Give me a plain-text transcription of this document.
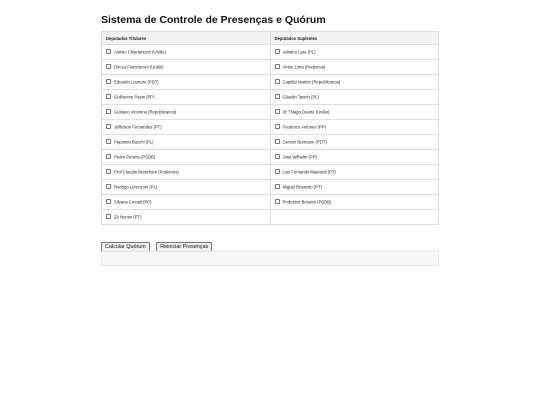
Sistema de Controle de Presenças e Quórum
Deputados Titulares	Deputados Suplentes
Aloísio Chiaramuzzi (União)	Adriano Lara (PL)
Dirceu Francisconi (União)	Airton Lima (Podemos)
Eduardo Loureiro (PDT)	Capitão Martim (Republicanos)
Guilherme Pasin (PP)	Cláudio Tatsch (PL)
Gustavo Victorino (Republicanos)	Dr Thiago Duarte (União)
Jefferson Fernandes (PT)	Frederico Antunes (PP)
Papaneo Bacchi (PL)	Gerson Burmann (PDT)
Pedro Pereira (PSDB)	José Wilhelm (PP)
Prof Claudio Branchieri (Podemos)	Luiz Fernando Mainardi (PT)
Rodrigo Lorenzoni (PL)	Miguel Rossetto (PT)
Silvana Covatti (PP)	Professor Bonatto (PSDB)
Zé Nunes (PT)	
Calcular Quórum	Reiniciar Presenças
